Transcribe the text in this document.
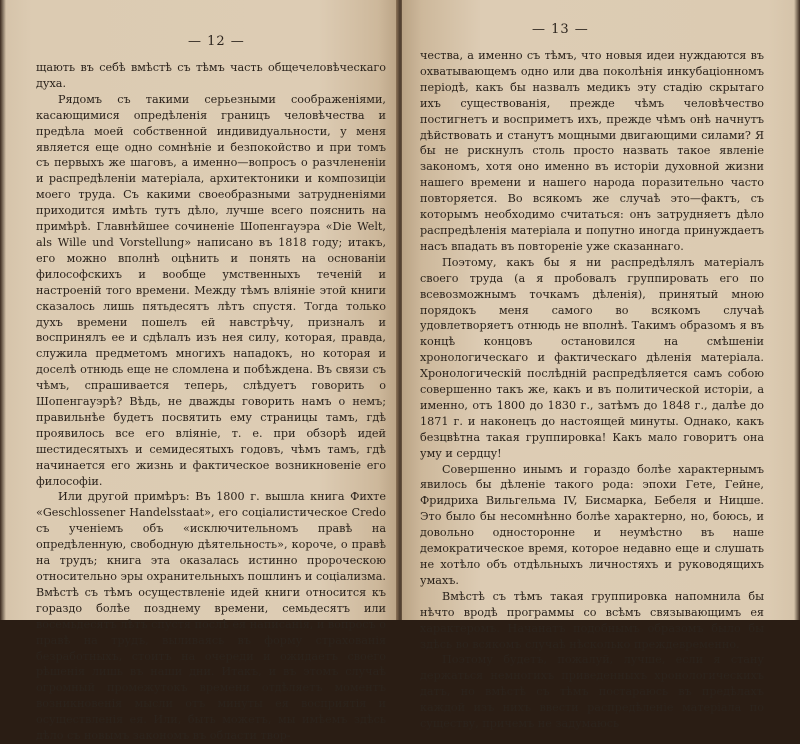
— 12 —

щають въ себѣ вмѣстѣ съ тѣмъ часть общечеловѣческаго духа.

Рядомъ съ такими серьезными соображеніями, касающимися опредѣленія границъ человѣчества и предѣла моей собственной индивидуальности, у меня является еще одно сомнѣніе и безпокойство и при томъ съ первыхъ же шаговъ, а именно—вопросъ о разчлененіи и распредѣленіи матеріала, архитектоники и композиціи моего труда. Съ какими своеобразными затрудненіями приходится имѣть тутъ дѣло, лучше всего пояснить на примѣрѣ. Главнѣйшее сочиненіе Шопенгауэра «Die Welt, als Wille und Vorstellung» написано въ 1818 году; итакъ, его можно вполнѣ оцѣнить и понять на основаніи философскихъ и вообще умственныхъ теченій и настроеній того времени. Между тѣмъ вліяніе этой книги сказалось лишь пятьдесятъ лѣтъ спустя. Тогда только духъ времени пошелъ ей навстрѣчу, призналъ и воспринялъ ее и сдѣлалъ изъ нея силу, которая, правда, служила предметомъ многихъ нападокъ, но которая и доселѣ отнюдь еще не сломлена и побѣждена. Въ связи съ чѣмъ, спрашивается теперь, слѣдуетъ говорить о Шопенгауэрѣ? Вѣдь, не дважды говорить намъ о немъ; правильнѣе будетъ посвятить ему страницы тамъ, гдѣ проявилось все его вліяніе, т. е. при обзорѣ идей шестидесятыхъ и семидесятыхъ годовъ, чѣмъ тамъ, гдѣ начинается его жизнь и фактическое возникновеніе его философіи.

Или другой примѣръ: Въ 1800 г. вышла книга Фихте «Geschlossener Handelsstaat», его соціалистическое Credo съ ученіемъ объ «исключительномъ правѣ на опредѣленную, свободную дѣятельность», короче, о правѣ на трудъ; книга эта оказалась истинно пророческою относительно эры охранительныхъ пошлинъ и соціализма. Вмѣстѣ съ тѣмъ осуществленіе идей книги относится къ гораздо болѣе позднему времени, семьдесятъ или восемьдесятъ лѣтъ спустя послѣ ея написанія, и вопросъ о правѣ на трудъ, выливаясь въ форму страхованія безработныхъ, стоитъ на очереди и ожидаетъ своего рѣшенія лишь въ наши дни. Итакъ, и въ этомъ случаѣ огромный промежутокъ времени отдѣляетъ моментъ возникновенія мысли отъ минуты ея восприятія и осуществленія ея. Или, быть можетъ, мы имѣемъ здѣсь дѣло съ новымъ закономъ въ области твор-

— 13 —

чества, а именно съ тѣмъ, что новыя идеи нуждаются въ охватывающемъ одно или два поколѣнія инкубаціонномъ періодѣ, какъ бы назвалъ медикъ эту стадію скрытаго ихъ существованія, прежде чѣмъ человѣчество постигнетъ и восприметъ ихъ, прежде чѣмъ онѣ начнутъ дѣйствовать и станутъ мощными двигающими силами? Я бы не рискнулъ столь просто назвать такое явленіе закономъ, хотя оно именно въ исторіи духовной жизни нашего времени и нашего народа поразительно часто повторяется. Во всякомъ же случаѣ это—фактъ, съ которымъ необходимо считаться: онъ затрудняетъ дѣло распредѣленія матеріала и попутно иногда принуждаетъ насъ впадать въ повтореніе уже сказаннаго.

Поэтому, какъ бы я ни распредѣлялъ матеріалъ своего труда (а я пробовалъ группировать его по всевозможнымъ точкамъ дѣленія), принятый мною порядокъ меня самого во всякомъ случаѣ удовлетворяетъ отнюдь не вполнѣ. Такимъ образомъ я въ концѣ концовъ остановился на смѣшеніи хронологическаго и фактическаго дѣленія матеріала. Хронологическій послѣдній распредѣляется самъ собою совершенно такъ же, какъ и въ политической исторіи, а именно, отъ 1800 до 1830 г., затѣмъ до 1848 г., далѣе до 1871 г. и наконецъ до настоящей минуты. Однако, какъ безцвѣтна такая группировка! Какъ мало говоритъ она уму и сердцу!

Совершенно инымъ и гораздо болѣе характернымъ явилось бы дѣленіе такого рода: эпохи Гете, Гейне, Фридриха Вильгельма IV, Бисмарка, Бебеля и Ницше. Это было бы несомнѣнно болѣе характерно, но, боюсь, и довольно односторонне и неумѣстно въ наше демократическое время, которое недавно еще и слушать не хотѣло объ отдѣльныхъ личностяхъ и руководящихъ умахъ.

Вмѣстѣ съ тѣмъ такая группировка напомнила бы нѣчто вродѣ программы со всѣмъ связывающимъ ея характеромъ. Начанатъ подобнымъ образомъ было бы здѣсь во всякомъ случаѣ нѣсколько преждевременно.

Поэтому будетъ, пожалуй, лучше, если я стану держаться немногихъ приведенныхъ хронологическихъ датъ, но вмѣстѣ съ тѣмъ постараюсь въ предѣлахъ каждой изъ нихъ ввести распредѣленіе матеріала по существу, причемъ не задумаюсь
